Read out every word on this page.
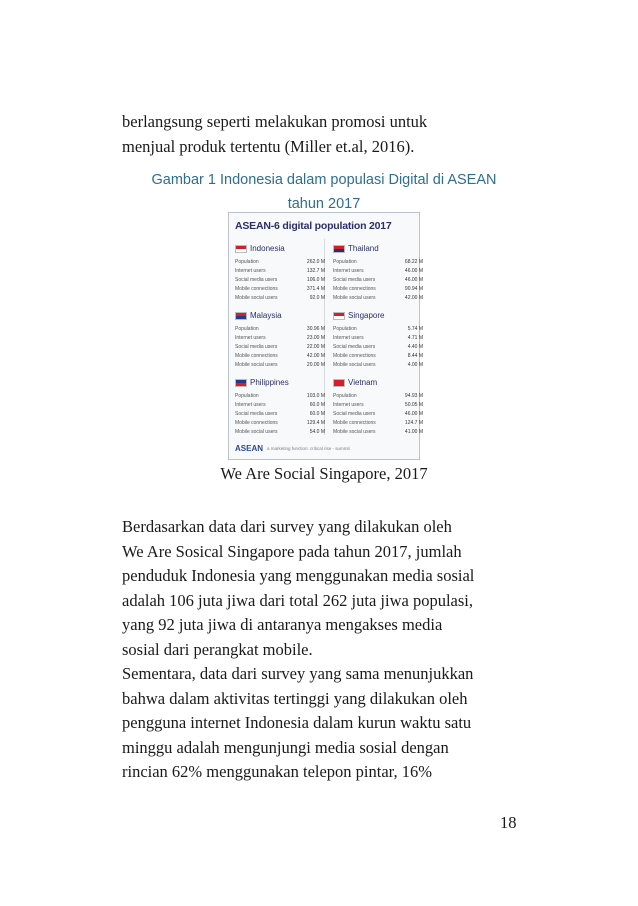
berlangsung seperti melakukan promosi untuk
menjual produk tertentu (Miller et.al, 2016).

Gambar 1 Indonesia dalam populasi Digital di ASEAN
tahun 2017
ASEAN-6 digital population 2017
Indonesia
Population	262.0 M
Internet users	132.7 M
Social media users	106.0 M
Mobile connections	371.4 M
Mobile social users	92.0 M
Thailand
Population	68.22 M
Internet users	46.00 M
Social media users	46.00 M
Mobile connections	90.94 M
Mobile social users	42.00 M
Malaysia
Population	30.96 M
Internet users	23.00 M
Social media users	22.00 M
Mobile connections	42.00 M
Mobile social users	20.00 M
Singapore
Population	5.74 M
Internet users	4.71 M
Social media users	4.40 M
Mobile connections	8.44 M
Mobile social users	4.00 M
Philippines
Population	103.0 M
Internet users	60.0 M
Social media users	60.0 M
Mobile connections	129.4 M
Mobile social users	54.0 M
Vietnam
Population	94.93 M
Internet users	50.05 M
Social media users	46.00 M
Mobile connections	124.7 M
Mobile social users	41.00 M
ASEAN a marketing function: critical rise - summit
We Are Social Singapore, 2017

Berdasarkan data dari survey yang dilakukan oleh
We Are Sosical Singapore pada tahun 2017, jumlah
penduduk Indonesia yang menggunakan media sosial
adalah 106 juta jiwa dari total 262 juta jiwa populasi,
yang 92 juta jiwa di antaranya mengakses media
sosial dari perangkat mobile.

Sementara, data dari survey yang sama menunjukkan
bahwa dalam aktivitas tertinggi yang dilakukan oleh
pengguna internet Indonesia dalam kurun waktu satu
minggu adalah mengunjungi media sosial dengan
rincian 62% menggunakan telepon pintar, 16%

18
